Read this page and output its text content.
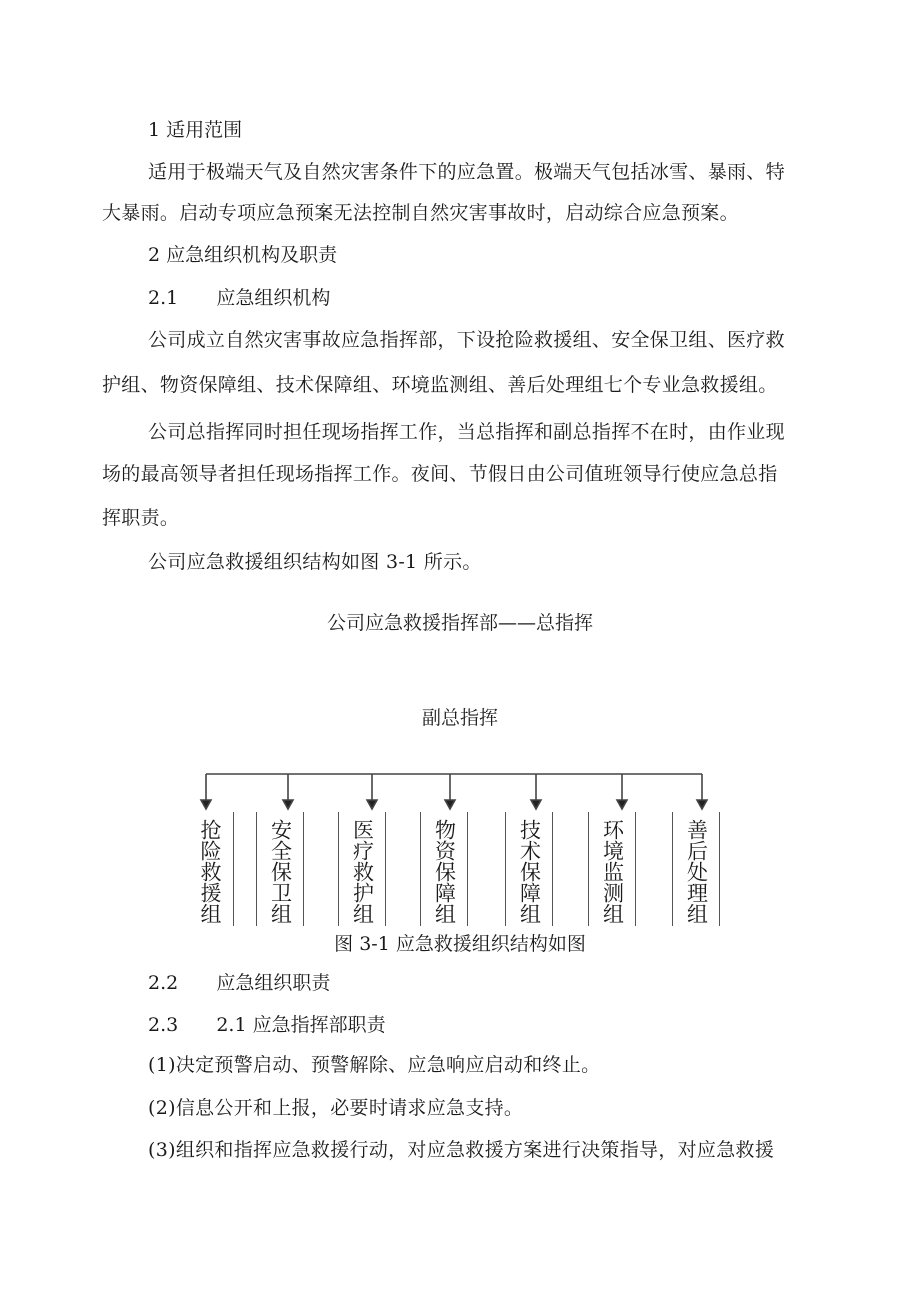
1 适用范围
适用于极端天气及自然灾害条件下的应急置。极端天气包括冰雪、暴雨、特
大暴雨。启动专项应急预案无法控制自然灾害事故时，启动综合应急预案。
2 应急组织机构及职责
2.1 应急组织机构
公司成立自然灾害事故应急指挥部，下设抢险救援组、安全保卫组、医疗救
护组、物资保障组、技术保障组、环境监测组、善后处理组七个专业急救援组。
公司总指挥同时担任现场指挥工作，当总指挥和副总指挥不在时，由作业现
场的最高领导者担任现场指挥工作。夜间、节假日由公司值班领导行使应急总指
挥职责。
公司应急救援组织结构如图 3-1 所示。
公司应急救援指挥部——总指挥
副总指挥
抢险救援组	安全保卫组	医疗救护组	物资保障组	技术保障组	环境监测组	善后处理组
图 3-1 应急救援组织结构如图
2.2 应急组织职责
2.3 2.1 应急指挥部职责
(1)决定预警启动、预警解除、应急响应启动和终止。
(2)信息公开和上报，必要时请求应急支持。
(3)组织和指挥应急救援行动，对应急救援方案进行决策指导，对应急救援
